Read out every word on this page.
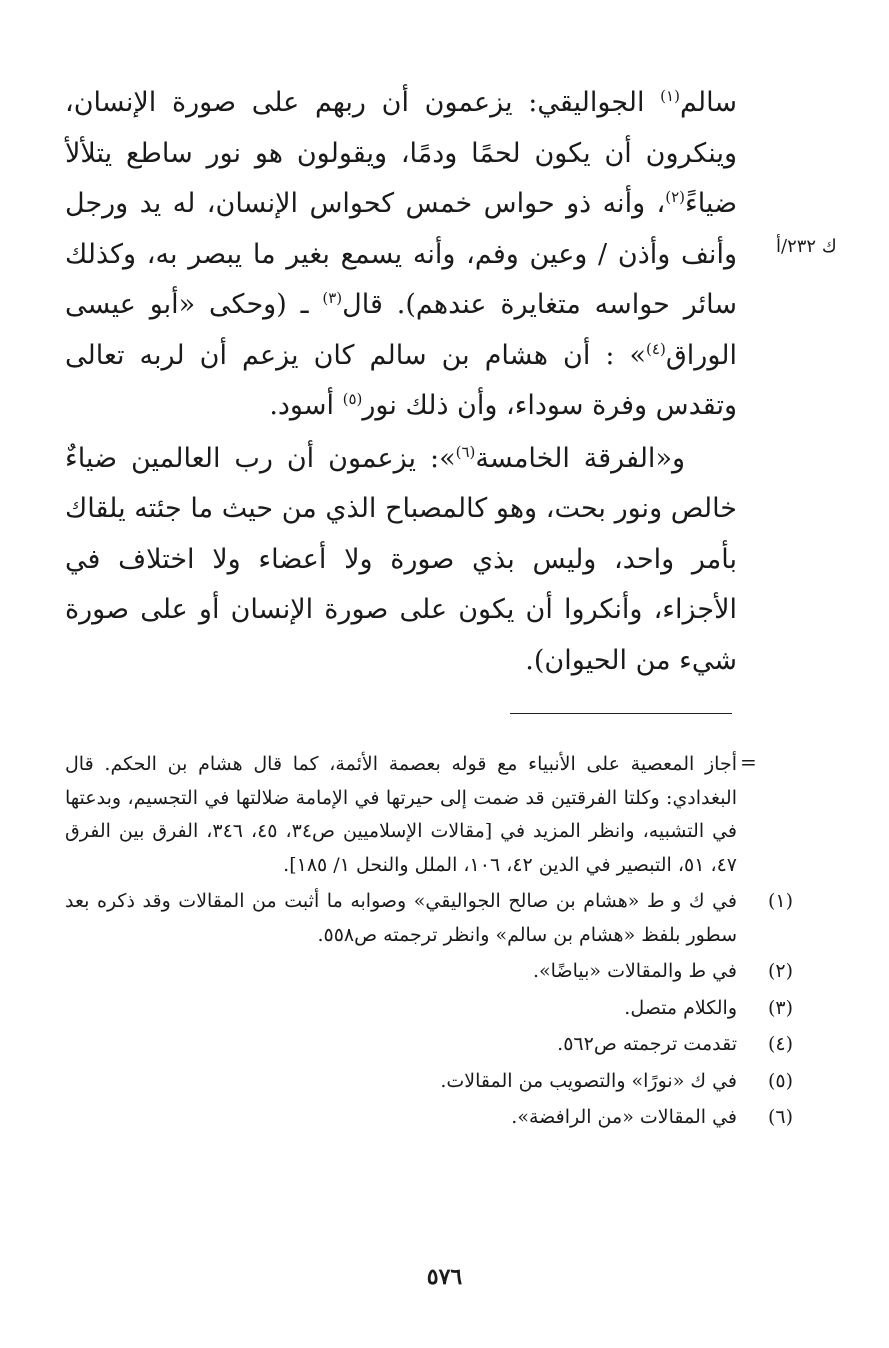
سالم$^{(١)}$ الجواليقي: يزعمون أن ربهم على صورة الإنسان، وينكرون أن يكون لحمًا ودمًا، ويقولون هو نور ساطع يتلألأ ضياءً$^{(٢)}$، وأنه ذو حواس خمس كحواس الإنسان، له يد ورجل وأنف وأذن / وعين وفم، وأنه يسمع بغير ما يبصر به، وكذلك سائر حواسه متغايرة عندهم). قال$^{(٣)}$ ـ (وحكى «أبو عيسى الوراق$^{(٤)}$» : أن هشام بن سالم كان يزعم أن لربه تعالى وتقدس وفرة سوداء، وأن ذلك نور$^{(٥)}$ أسود.

و«الفرقة الخامسة$^{(٦)}$»: يزعمون أن رب العالمين ضياءٌ خالص ونور بحت، وهو كالمصباح الذي من حيث ما جئته يلقاك بأمر واحد، وليس بذي صورة ولا أعضاء ولا اختلاف في الأجزاء، وأنكروا أن يكون على صورة الإنسان أو على صورة شيء من الحيوان).

ك ٢٣٢/أ
=

أجاز المعصية على الأنبياء مع قوله بعصمة الأئمة، كما قال هشام بن الحكم. قال البغدادي: وكلتا الفرقتين قد ضمت إلى حيرتها في الإمامة ضلالتها في التجسيم، وبدعتها في التشبيه، وانظر المزيد في [مقالات الإسلاميين ص٣٤، ٤٥، ٣٤٦، الفرق بين الفرق ٤٧، ٥١، التبصير في الدين ٤٢، ١٠٦، الملل والنحل ١/ ١٨٥].

(١)
في ك و ط «هشام بن صالح الجواليقي» وصوابه ما أثبت من المقالات وقد ذكره بعد سطور بلفظ «هشام بن سالم» وانظر ترجمته ص٥٥٨.
(٢)
في ط والمقالات «بياضًا».
(٣)
والكلام متصل.
(٤)
تقدمت ترجمته ص٥٦٢.
(٥)
في ك «نورًا» والتصويب من المقالات.
(٦)
في المقالات «من الرافضة».
٥٧٦
